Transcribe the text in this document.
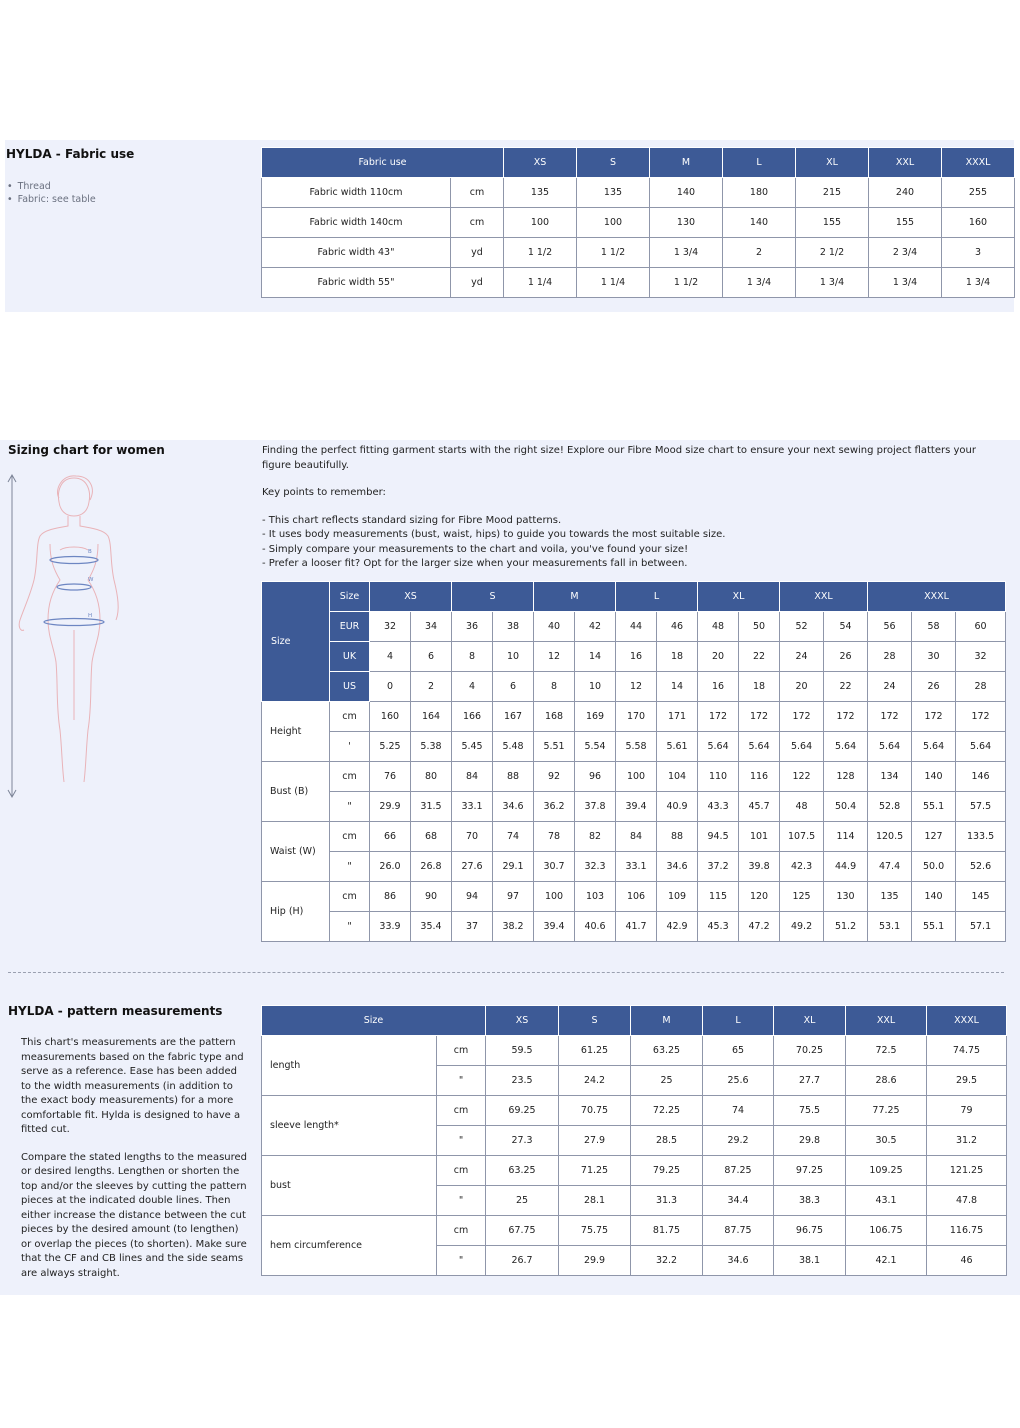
HYLDA - Fabric use
• Thread
• Fabric: see table
Fabric use		XS	S	M	L	XL	XXL	XXXL
Fabric width 110cm	cm	135	135	140	180	215	240	255
Fabric width 140cm	cm	100	100	130	140	155	155	160
Fabric width 43"	yd	1 1/2	1 1/2	1 3/4	2	2 1/2	2 3/4	3
Fabric width 55"	yd	1 1/4	1 1/4	1 1/2	1 3/4	1 3/4	1 3/4	1 3/4
Sizing chart for women
B
W
H

Finding the perfect fitting garment starts with the right size! Explore our Fibre Mood size chart to ensure your next sewing project flatters your figure beautifully.

Key points to remember:

- This chart reflects standard sizing for Fibre Mood patterns.

- It uses body measurements (bust, waist, hips) to guide you towards the most suitable size.

- Simply compare your measurements to the chart and voila, you've found your size!

- Prefer a looser fit? Opt for the larger size when your measurements fall in between.

Size	Size	XS		S		M		L		XL		XXL		XXXL		
	EUR	32	34	36	38	40	42	44	46	48	50	52	54	56	58	60
	UK	4	6	8	10	12	14	16	18	20	22	24	26	28	30	32
	US	0	2	4	6	8	10	12	14	16	18	20	22	24	26	28
Height	cm	160	164	166	167	168	169	170	171	172	172	172	172	172	172	172
	'	5.25	5.38	5.45	5.48	5.51	5.54	5.58	5.61	5.64	5.64	5.64	5.64	5.64	5.64	5.64
Bust (B)	cm	76	80	84	88	92	96	100	104	110	116	122	128	134	140	146
	"	29.9	31.5	33.1	34.6	36.2	37.8	39.4	40.9	43.3	45.7	48	50.4	52.8	55.1	57.5
Waist (W)	cm	66	68	70	74	78	82	84	88	94.5	101	107.5	114	120.5	127	133.5
	"	26.0	26.8	27.6	29.1	30.7	32.3	33.1	34.6	37.2	39.8	42.3	44.9	47.4	50.0	52.6
Hip (H)	cm	86	90	94	97	100	103	106	109	115	120	125	130	135	140	145
	"	33.9	35.4	37	38.2	39.4	40.6	41.7	42.9	45.3	47.2	49.2	51.2	53.1	55.1	57.1
HYLDA - pattern measurements

This chart's measurements are the pattern measurements based on the fabric type and serve as a reference. Ease has been added to the width measurements (in addition to the exact body measurements) for a more comfortable fit. Hylda is designed to have a fitted cut.

Compare the stated lengths to the measured or desired lengths. Lengthen or shorten the top and/or the sleeves by cutting the pattern pieces at the indicated double lines. Then either increase the distance between the cut pieces by the desired amount (to lengthen) or overlap the pieces (to shorten). Make sure that the CF and CB lines and the side seams are always straight.

Size		XS	S	M	L	XL	XXL	XXXL
length	cm	59.5	61.25	63.25	65	70.25	72.5	74.75
	"	23.5	24.2	25	25.6	27.7	28.6	29.5
sleeve length*	cm	69.25	70.75	72.25	74	75.5	77.25	79
	"	27.3	27.9	28.5	29.2	29.8	30.5	31.2
bust	cm	63.25	71.25	79.25	87.25	97.25	109.25	121.25
	"	25	28.1	31.3	34.4	38.3	43.1	47.8
hem circumference	cm	67.75	75.75	81.75	87.75	96.75	106.75	116.75
	"	26.7	29.9	32.2	34.6	38.1	42.1	46
